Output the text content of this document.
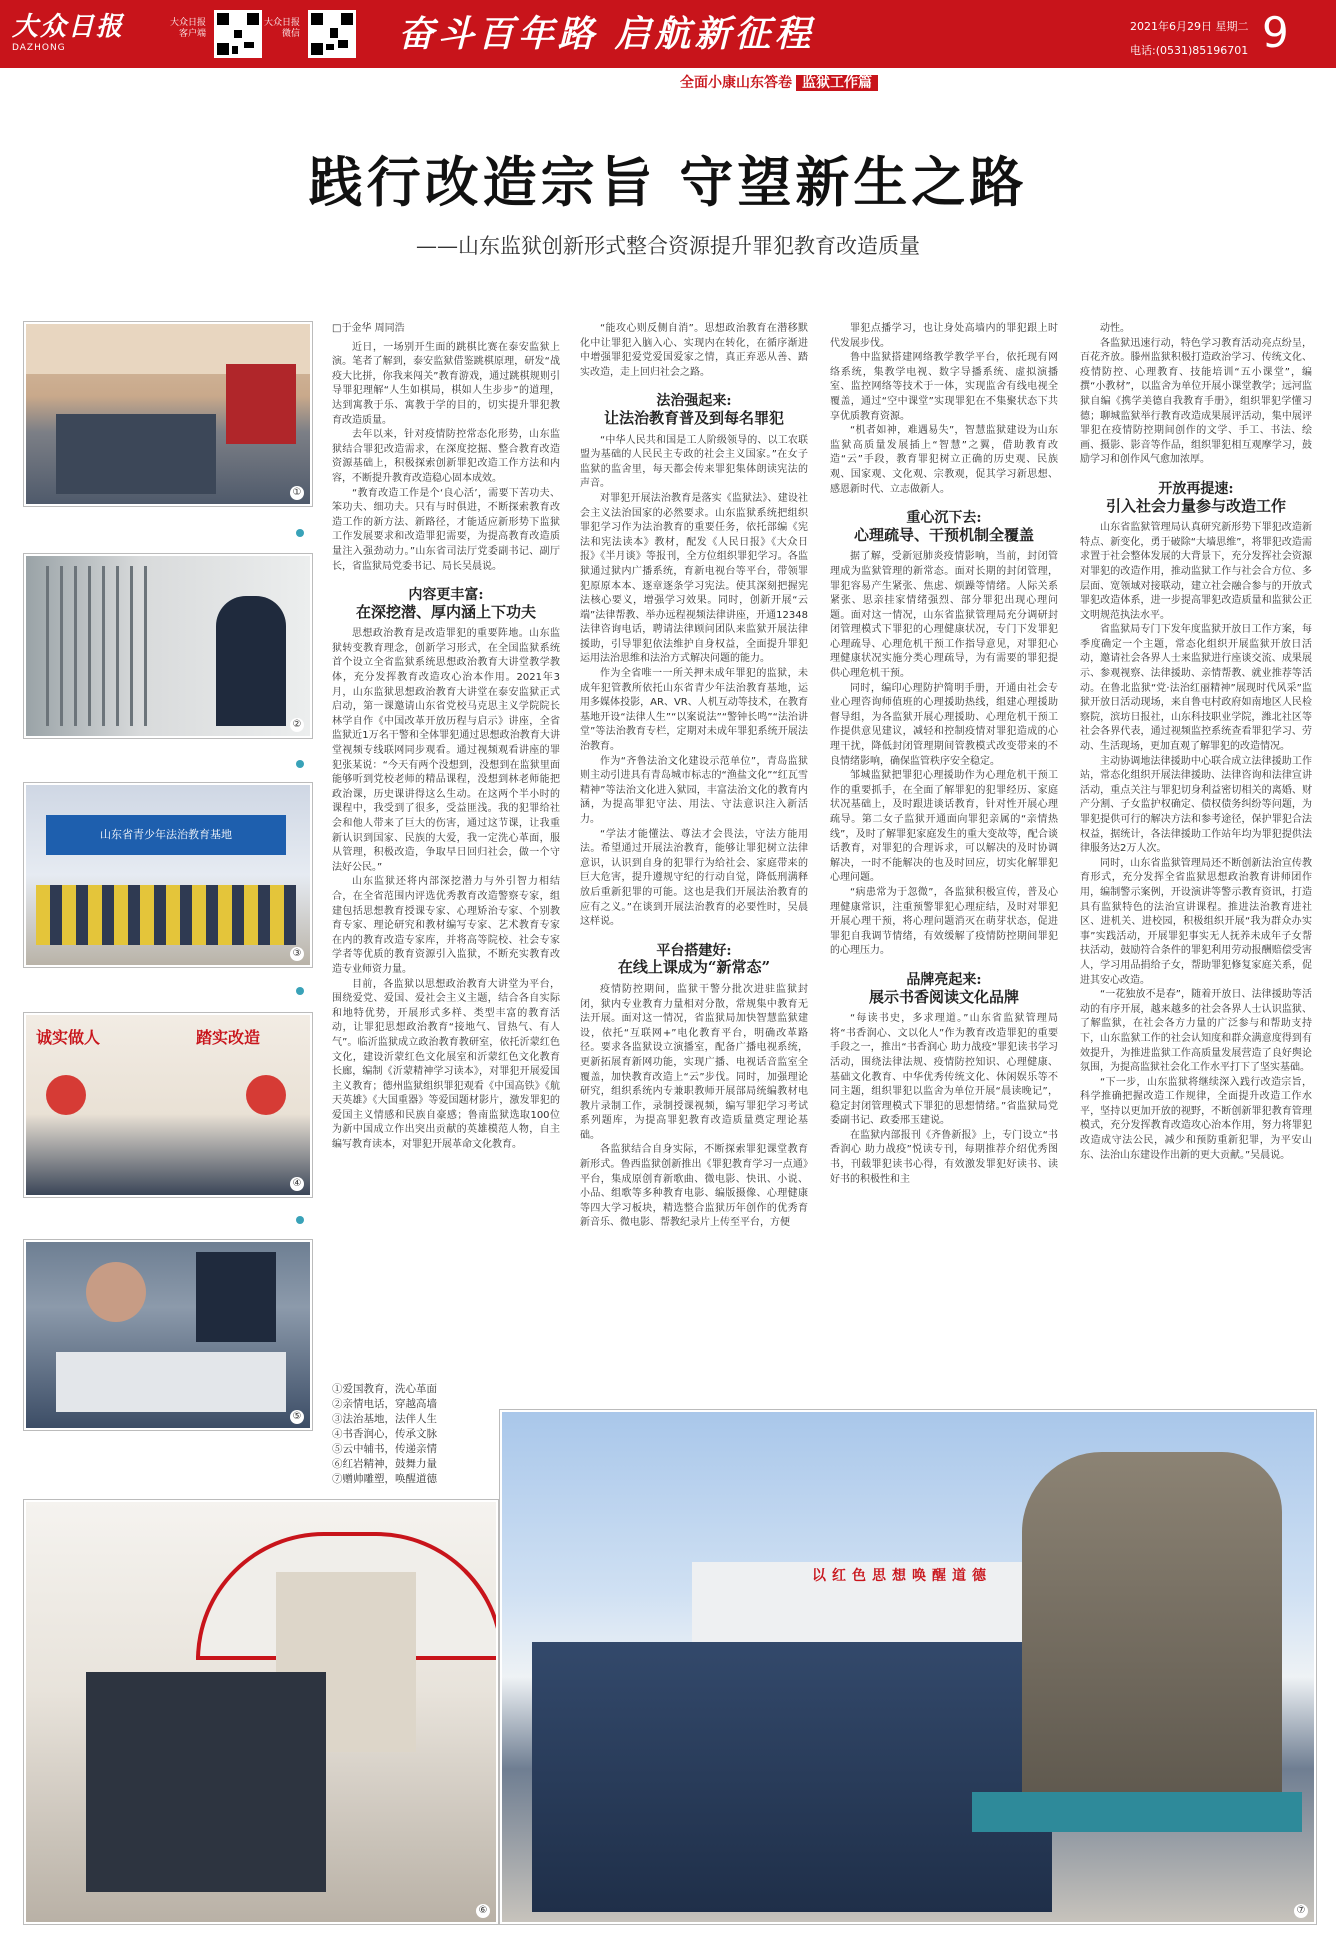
大众日报
DAZHONG
大众日报
客户端
大众日报
微信	奋斗百年路 启航新征程	2021年6月29日 星期二
电话:(0531)85196701 9
全面小康山东答卷 监狱工作篇
践行改造宗旨 守望新生之路
——山东监狱创新形式整合资源提升罪犯教育改造质量
①
②
山东省青少年法治教育基地
③
诚实做人	踏实改造
④
⑤
⑥
以红色思想唤醒道德
⑦
□于金华 周同浩

近日，一场别开生面的跳棋比赛在泰安监狱上演。笔者了解到，泰安监狱借鉴跳棋原理，研发“战疫大比拼，你我来闯关”教育游戏，通过跳棋规则引导罪犯理解“人生如棋局，棋如人生步步”的道理，达到寓教于乐、寓教于学的目的，切实提升罪犯教育改造质量。

去年以来，针对疫情防控常态化形势，山东监狱结合罪犯改造需求，在深度挖掘、整合教育改造资源基础上，积极探索创新罪犯改造工作方法和内容，不断提升教育改造稳心固本成效。

“教育改造工作是个‘良心活’，需要下苦功夫、笨功夫、细功夫。只有与时俱进，不断探索教育改造工作的新方法、新路径，才能适应新形势下监狱工作发展要求和改造罪犯需要，为提高教育改造质量注入强劲动力。”山东省司法厅党委副书记、副厅长，省监狱局党委书记、局长吴晨说。

内容更丰富:
在深挖潜、厚内涵上下功夫

思想政治教育是改造罪犯的重要阵地。山东监狱转变教育理念，创新学习形式，在全国监狱系统首个设立全省监狱系统思想政治教育大讲堂教学教体，充分发挥教育改造攻心治本作用。2021年3月，山东监狱思想政治教育大讲堂在泰安监狱正式启动，第一课邀请山东省党校马克思主义学院院长林学自作《中国改革开放历程与启示》讲座，全省监狱近1万名干警和全体罪犯通过思想政治教育大讲堂视频专线联网同步观看。通过视频观看讲座的罪犯张某说：“今天有两个没想到，没想到在监狱里面能够听到党校老师的精品课程，没想到林老师能把政治课，历史课讲得这么生动。在这两个半小时的课程中，我受到了很多，受益匪浅。我的犯罪给社会和他人带来了巨大的伤害，通过这节课，让我重新认识到国家、民族的大爱，我一定洗心革面，服从管理，积极改造，争取早日回归社会，做一个守法好公民。”

山东监狱还将内部深挖潜力与外引智力相结合，在全省范围内评选优秀教育改造警察专家，组建包括思想教育授课专家、心理矫治专家、个别教育专家、理论研究和教材编写专家、艺术教育专家在内的教育改造专家库，并将高等院校、社会专家学者等优质的教育资源引入监狱，不断充实教育改造专业师资力量。

目前，各监狱以思想政治教育大讲堂为平台，围绕爱党、爱国、爱社会主义主题，结合各自实际和地特优势，开展形式多样、类型丰富的教育活动，让罪犯思想政治教育“接地气、冒热气、有人气”。临沂监狱成立政治教育教研室，依托沂蒙红色文化，建设沂蒙红色文化展室和沂蒙红色文化教育长廊，编制《沂蒙精神学习读本》，对罪犯开展爱国主义教育；德州监狱组织罪犯观看《中国高铁》《航天英雄》《大国重器》等爱国题材影片，激发罪犯的爱国主义情感和民族自豪感；鲁南监狱选取100位为新中国成立作出突出贡献的英雄模范人物，自主编写教育读本，对罪犯开展革命文化教育。

“能攻心则反侧自消”。思想政治教育在潜移默化中让罪犯入脑入心、实现内在转化，在循序渐进中增强罪犯爱党爱国爱家之情，真正弃恶从善、踏实改造，走上回归社会之路。

法治强起来:
让法治教育普及到每名罪犯

“中华人民共和国是工人阶级领导的、以工农联盟为基础的人民民主专政的社会主义国家。”在女子监狱的监舍里，每天都会传来罪犯集体朗读宪法的声音。

对罪犯开展法治教育是落实《监狱法》、建设社会主义法治国家的必然要求。山东监狱系统把组织罪犯学习作为法治教育的重要任务，依托部编《宪法和宪法读本》教材，配发《人民日报》《大众日报》《半月谈》等报刊，全方位组织罪犯学习。各监狱通过狱内广播系统，育新电视台等平台，带领罪犯原原本本、逐章逐条学习宪法。使其深刻把握宪法核心要义，增强学习效果。同时，创新开展“云端”法律帮教、举办远程视频法律讲座，开通12348法律咨询电话，聘请法律顾问团队来监狱开展法律援助，引导罪犯依法维护自身权益，全面提升罪犯运用法治思维和法治方式解决问题的能力。

作为全省唯一一所关押未成年罪犯的监狱，未成年犯管教所依托山东省青少年法治教育基地，运用多媒体投影，AR、VR、人机互动等技术，在教育基地开设“法律人生”“以案说法”“警钟长鸣”“法治讲堂”等法治教育专栏，定期对未成年罪犯系统开展法治教育。

作为“齐鲁法治文化建设示范单位”，青岛监狱则主动引进具有青岛城市标志的“渔盐文化”“红瓦雪精神”等法治文化进入狱园，丰富法治文化的教育内涵，为提高罪犯守法、用法、守法意识注入新活力。

“学法才能懂法、尊法才会畏法，守法方能用法。希望通过开展法治教育，能够让罪犯树立法律意识，认识到自身的犯罪行为给社会、家庭带来的巨大危害，提升遵规守纪的行动自觉，降低刑满释放后重新犯罪的可能。这也是我们开展法治教育的应有之义。”在谈到开展法治教育的必要性时，吴晨这样说。

平台搭建好:
在线上课成为“新常态”

疫情防控期间，监狱干警分批次进驻监狱封闭，狱内专业教育力量相对分散，常规集中教育无法开展。面对这一情况，省监狱局加快智慧监狱建设，依托“互联网+”电化教育平台，明确改革路径。要求各监狱设立演播室，配备广播电视系统，更新拓展育新网功能，实现广播、电视话音监室全覆盖，加快教育改造上“云”步伐。同时，加强理论研究，组织系统内专兼职教师开展部局统编教材电教片录制工作，录制授课视频，编写罪犯学习考试系列题库，为提高罪犯教育改造质量奠定理论基础。

各监狱结合自身实际，不断探索罪犯课堂教育新形式。鲁西监狱创新推出《罪犯教育学习一点通》平台，集成原创育新歌曲、微电影、快讯、小说、小品、组歌等多种教育电影、编版摄像、心理健康等四大学习板块，精选整合监狱历年创作的优秀育新音乐、微电影、帮教纪录片上传至平台，方便

罪犯点播学习，也让身处高墙内的罪犯跟上时代发展步伐。

鲁中监狱搭建网络教学教学平台，依托现有网络系统，集教学电视、数字导播系统、虚拟演播室、监控网络等技术于一体，实现监舍有线电视全覆盖，通过“空中课堂”实现罪犯在不集聚状态下共享优质教育资源。

“机者如神，难遇易失”，智慧监狱建设为山东监狱高质量发展插上“智慧”之翼，借助教育改造“云”手段，教育罪犯树立正确的历史观、民族观、国家观、文化观、宗教观，促其学习新思想、感恩新时代、立志做新人。

重心沉下去:
心理疏导、干预机制全覆盖

据了解，受新冠肺炎疫情影响，当前，封闭管理成为监狱管理的新常态。面对长期的封闭管理，罪犯容易产生紧张、焦虑、烦躁等情绪。人际关系紧张、思亲挂家情绪强烈、部分罪犯出现心理问题。面对这一情况，山东省监狱管理局充分调研封闭管理模式下罪犯的心理健康状况，专门下发罪犯心理疏导、心理危机干预工作指导意见，对罪犯心理健康状况实施分类心理疏导，为有需要的罪犯提供心理危机干预。

同时，编印心理防护简明手册，开通由社会专业心理咨询师值班的心理援助热线，组建心理援助督导组，为各监狱开展心理援助、心理危机干预工作提供意见建议，减轻和控制疫情对罪犯造成的心理干扰，降低封闭管理期间管教模式改变带来的不良情绪影响，确保监管秩序安全稳定。

邹城监狱把罪犯心理援助作为心理危机干预工作的重要抓手，在全面了解罪犯的犯罪经历、家庭状况基础上，及时跟进谈话教育，针对性开展心理疏导。第二女子监狱开通面向罪犯亲属的“亲情热线”，及时了解罪犯家庭发生的重大变故等，配合谈话教育，对罪犯的合理诉求，可以解决的及时协调解决，一时不能解决的也及时回应，切实化解罪犯心理问题。

“病患常为于忽微”，各监狱积极宣传，普及心理健康常识，注重预警罪犯心理症结，及时对罪犯开展心理干预，将心理问题消灭在萌芽状态，促进罪犯自我调节情绪，有效缓解了疫情防控期间罪犯的心理压力。

品牌亮起来:
展示书香阅读文化品牌

“每读书史，多求理道。”山东省监狱管理局将“书香润心、文以化人”作为教育改造罪犯的重要手段之一，推出“书香润心 助力战疫”罪犯读书学习活动，围绕法律法规、疫情防控知识、心理健康、基础文化教育、中华优秀传统文化、休闲娱乐等不同主题，组织罪犯以监舍为单位开展“晨读晚记”，稳定封闭管理模式下罪犯的思想情绪。”省监狱局党委副书记、政委邢玉建说。

在监狱内部报刊《齐鲁新报》上，专门设立“书香润心 助力战疫”悦读专刊，每期推荐介绍优秀图书，刊载罪犯读书心得，有效激发罪犯好读书、读好书的积极性和主

动性。

各监狱迅速行动，特色学习教育活动亮点纷呈，百花齐放。滕州监狱积极打造政治学习、传统文化、疫情防控、心理教育、技能培训“五小课堂”，编撰“小教材”，以监舍为单位开展小课堂教学；远河监狱自编《携学美德自我教育手册》，组织罪犯学懂习德；聊城监狱举行教育改造成果展评活动，集中展评罪犯在疫情防控期间创作的文学、手工、书法、绘画、摄影、影音等作品，组织罪犯相互观摩学习，鼓励学习和创作风气愈加浓厚。

开放再提速:
引入社会力量参与改造工作

山东省监狱管理局认真研究新形势下罪犯改造新特点、新变化，勇于破除“大墙思维”，将罪犯改造需求置于社会整体发展的大背景下，充分发挥社会资源对罪犯的改造作用，推动监狱工作与社会合方位、多层面、宽领域对接联动，建立社会融合参与的开放式罪犯改造体系，进一步提高罪犯改造质量和监狱公正文明规范执法水平。

省监狱局专门下发年度监狱开放日工作方案，每季度确定一个主题，常态化组织开展监狱开放日活动，邀请社会各界人士来监狱进行座谈交流、成果展示、参观视察、法律援助、亲情帮教、就业推荐等活动。在鲁北监狱“党·法治红丽精神”展现时代风采”监狱开放日活动现场，来自鲁屯村政府如南地区人民检察院，滨坊日报社，山东科技职业学院，潍北社区等社会各界代表，通过视频监控系统查看罪犯学习、劳动、生活现场，更加直观了解罪犯的改造情况。

主动协调地法律援助中心联合成立法律援助工作站，常态化组织开展法律援助、法律咨询和法律宣讲活动，重点关注与罪犯切身利益密切相关的离婚、财产分割、子女监护权确定、债权债务纠纷等问题，为罪犯提供可行的解决方法和参考途径，保护罪犯合法权益，据统计，各法律援助工作站年均为罪犯提供法律服务达2万人次。

同时，山东省监狱管理局还不断创新法治宣传教育形式，充分发挥全省监狱思想政治教育讲师团作用，编制警示案例，开设演讲等警示教育资讯，打造具有监狱特色的法治宣讲课程。推进法治教育进社区、进机关、进校园，积极组织开展“我为群众办实事”实践活动，开展罪犯事实无人抚养未成年子女帮扶活动，鼓励符合条件的罪犯利用劳动报酬赔偿受害人，学习用品捐给子女，帮助罪犯修复家庭关系，促进其安心改造。

“一花独放不是春”，随着开放日、法律援助等活动的有序开展，越来越多的社会各界人士认识监狱、了解监狱，在社会各方力量的广泛参与和帮助支持下，山东监狱工作的社会认知度和群众满意度得到有效提升，为推进监狱工作高质量发展营造了良好舆论氛围，为提高监狱社会化工作水平打下了坚实基础。

“下一步，山东监狱将继续深入践行改造宗旨，科学推确把握改造工作规律，全面提升改造工作水平，坚持以更加开放的视野，不断创新罪犯教育管理模式，充分发挥教育改造攻心治本作用，努力将罪犯改造成守法公民，减少和预防重新犯罪，为平安山东、法治山东建设作出新的更大贡献。”吴晨说。

①爱国教育，洗心革面
②亲情电话，穿越高墙
③法治基地，法伴人生
④书香润心，传承文脉
⑤云中辅书，传递亲情
⑥红岩精神，鼓舞力量
⑦赠帅雕塑，唤醒道德
